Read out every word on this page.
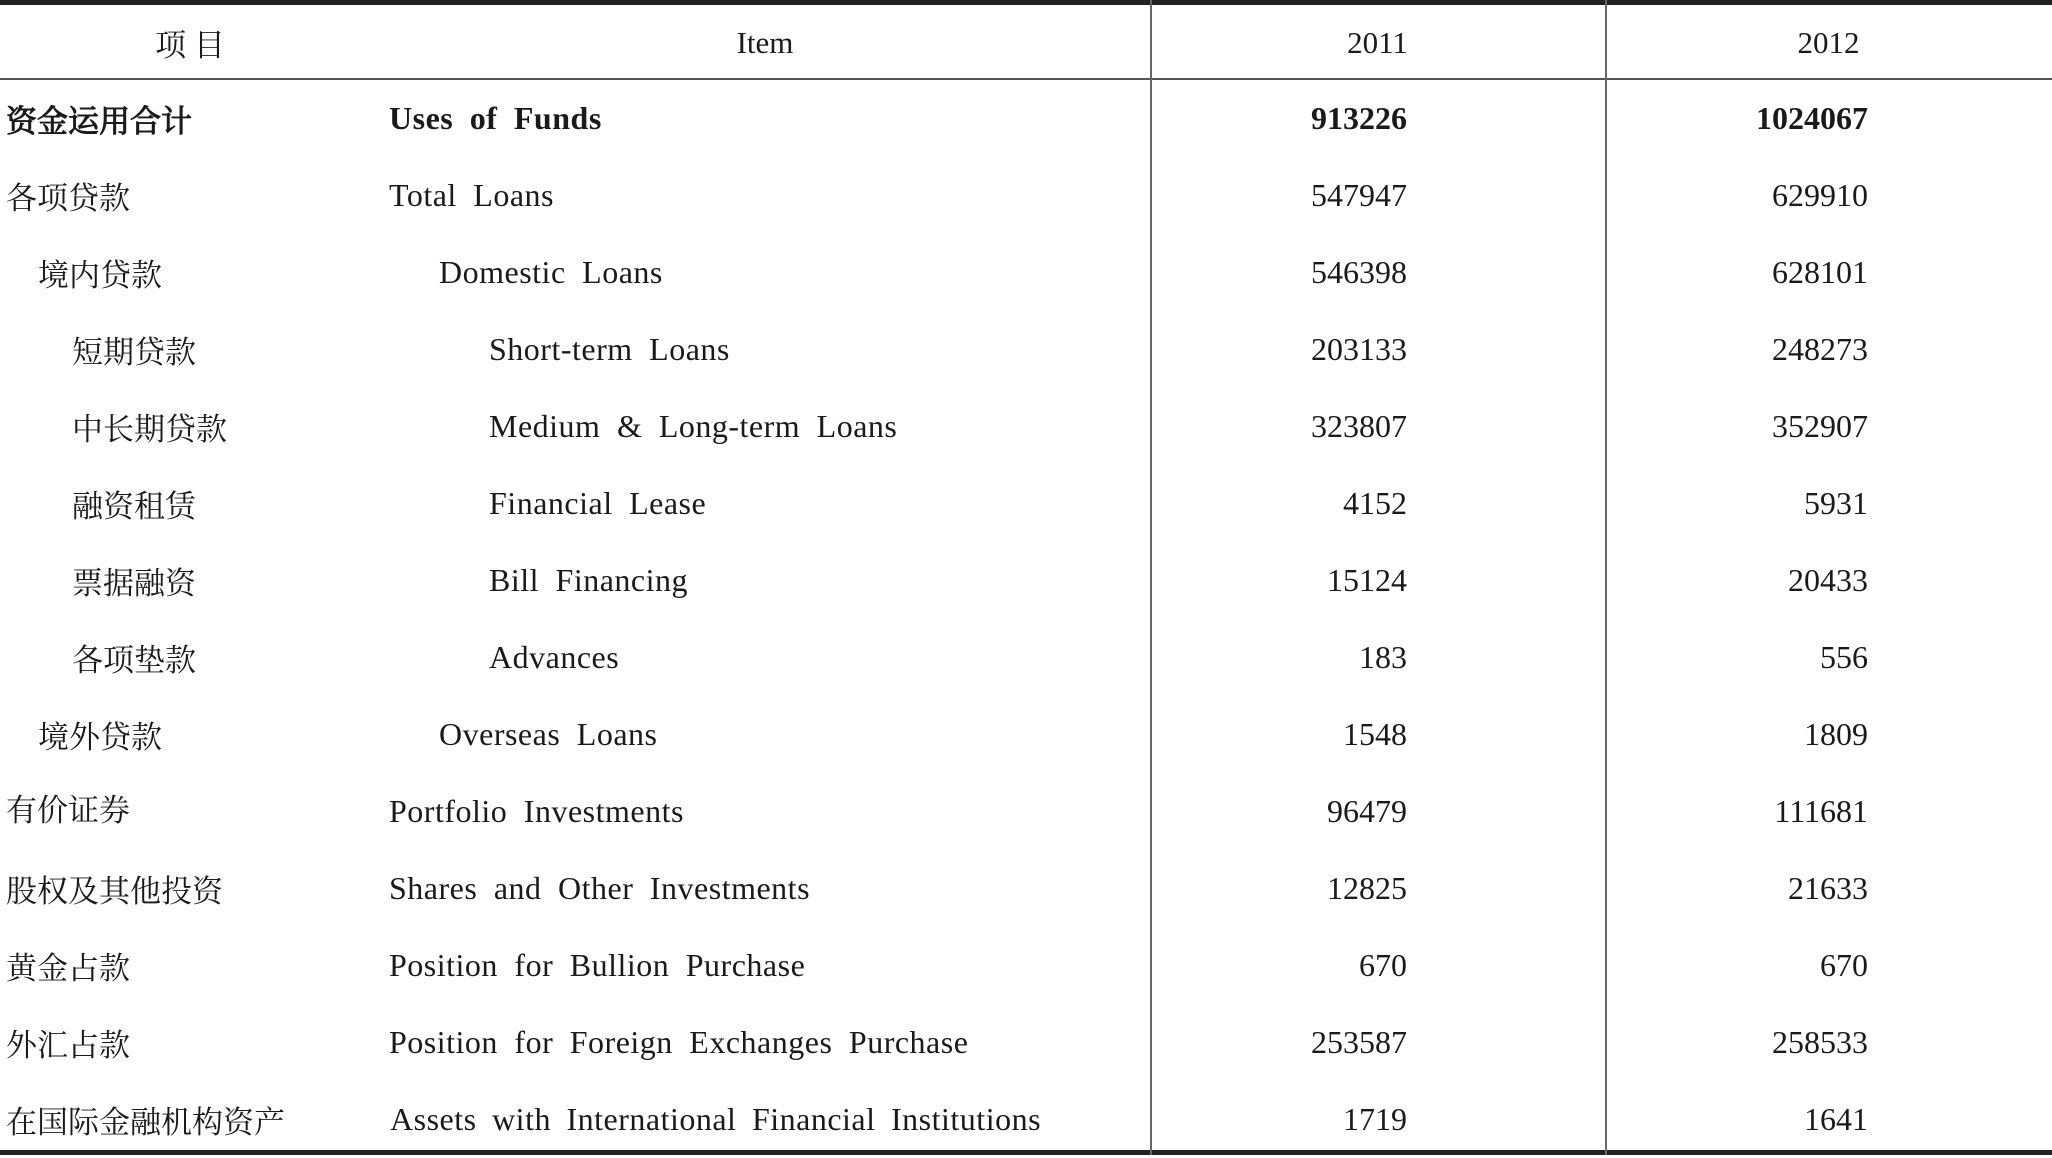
项 目	Item	2011	2012
资金运用合计	Uses of Funds	913226	1024067
各项贷款	Total Loans	547947	629910
境内贷款	Domestic Loans	546398	628101
短期贷款	Short-term Loans	203133	248273
中长期贷款	Medium & Long-term Loans	323807	352907
融资租赁	Financial Lease	4152	5931
票据融资	Bill Financing	15124	20433
各项垫款	Advances	183	556
境外贷款	Overseas Loans	1548	1809
有价证券	Portfolio Investments	96479	111681
股权及其他投资	Shares and Other Investments	12825	21633
黄金占款	Position for Bullion Purchase	670	670
外汇占款	Position for Foreign Exchanges Purchase	253587	258533
在国际金融机构资产	Assets with International Financial Institutions	1719	1641
